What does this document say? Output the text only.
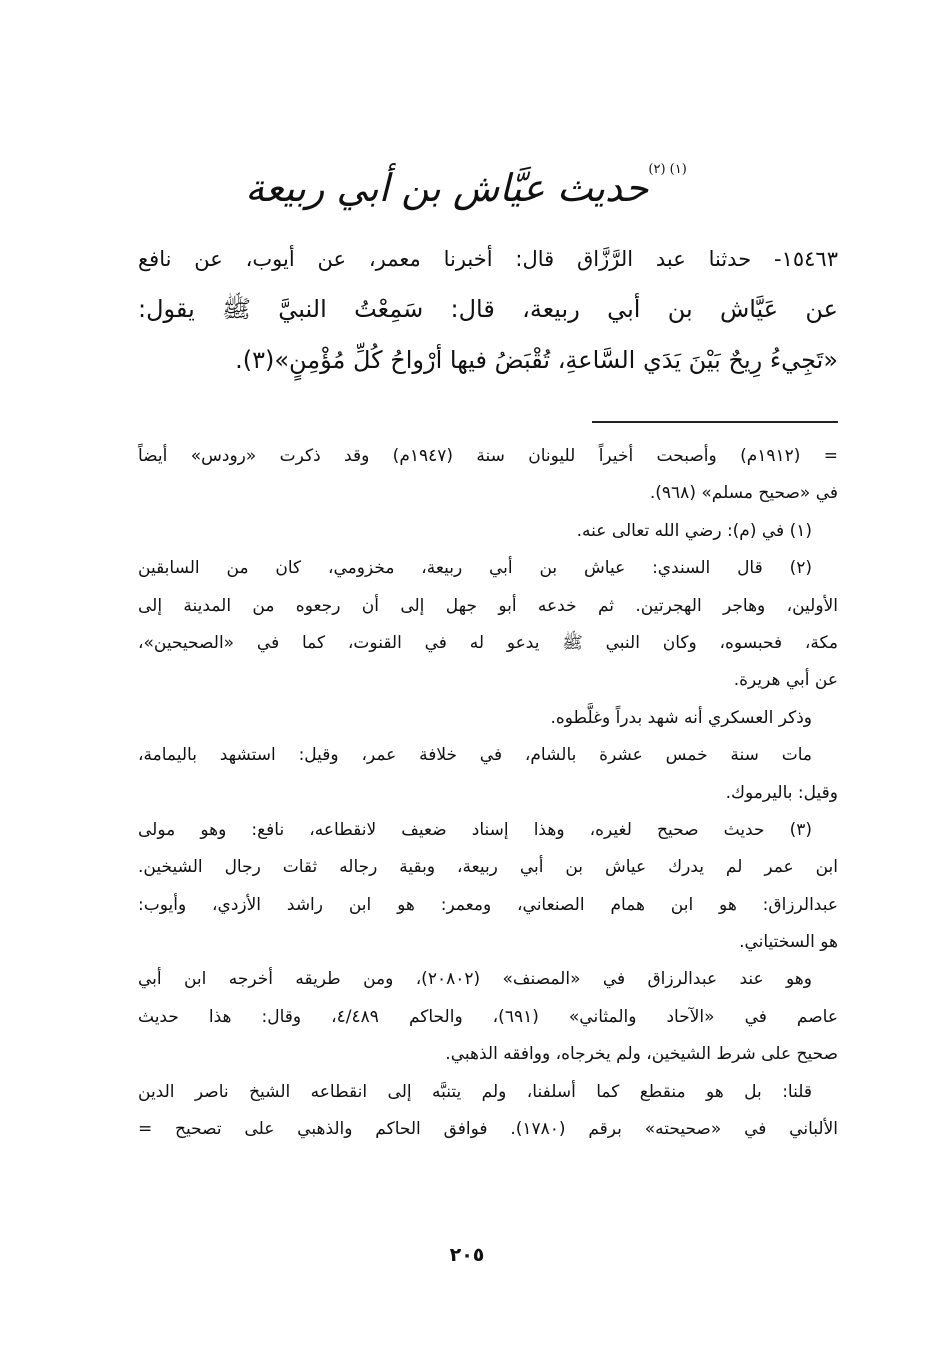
$^{(١) (٢)}$حديث عيَّاش بن أبي ربيعة
١٥٤٦٣- حدثنا عبد الرَّزَّاق قال: أخبرنا معمر، عن أيوب، عن نافع
عن عَيَّاش بن أبي ربيعة، قال: سَمِعْتُ النبيَّ ﷺ يقول:
«تَجِيءُ رِيحٌ بَيْنَ يَدَي السَّاعةِ، تُقْبَضُ فيها أرْواحُ كُلِّ مُؤْمِنٍ»(٣).
= (١٩١٢م) وأصبحت أخيراً لليونان سنة (١٩٤٧م) وقد ذكرت «رودس» أيضاً
في «صحيح مسلم» (٩٦٨).
(١) في (م): رضي الله تعالى عنه.
(٢) قال السندي: عياش بن أبي ربيعة، مخزومي، كان من السابقين
الأولين، وهاجر الهجرتين. ثم خدعه أبو جهل إلى أن رجعوه من المدينة إلى
مكة، فحبسوه، وكان النبي ﷺ يدعو له في القنوت، كما في «الصحيحين»،
عن أبي هريرة.
وذكر العسكري أنه شهد بدراً وغلَّطوه.
مات سنة خمس عشرة بالشام، في خلافة عمر، وقيل: استشهد باليمامة،
وقيل: باليرموك.
(٣) حديث صحيح لغيره، وهذا إسناد ضعيف لانقطاعه، نافع: وهو مولى
ابن عمر لم يدرك عياش بن أبي ربيعة، وبقية رجاله ثقات رجال الشيخين.
عبدالرزاق: هو ابن همام الصنعاني، ومعمر: هو ابن راشد الأزدي، وأيوب:
هو السختياني.
وهو عند عبدالرزاق في «المصنف» (٢٠٨٠٢)، ومن طريقه أخرجه ابن أبي
عاصم في «الآحاد والمثاني» (٦٩١)، والحاكم ٤/٤٨٩، وقال: هذا حديث
صحيح على شرط الشيخين، ولم يخرجاه، ووافقه الذهبي.
قلنا: بل هو منقطع كما أسلفنا، ولم يتنبَّه إلى انقطاعه الشيخ ناصر الدين
الألباني في «صحيحته» برقم (١٧٨٠). فوافق الحاكم والذهبي على تصحيح =
٢٠٥
